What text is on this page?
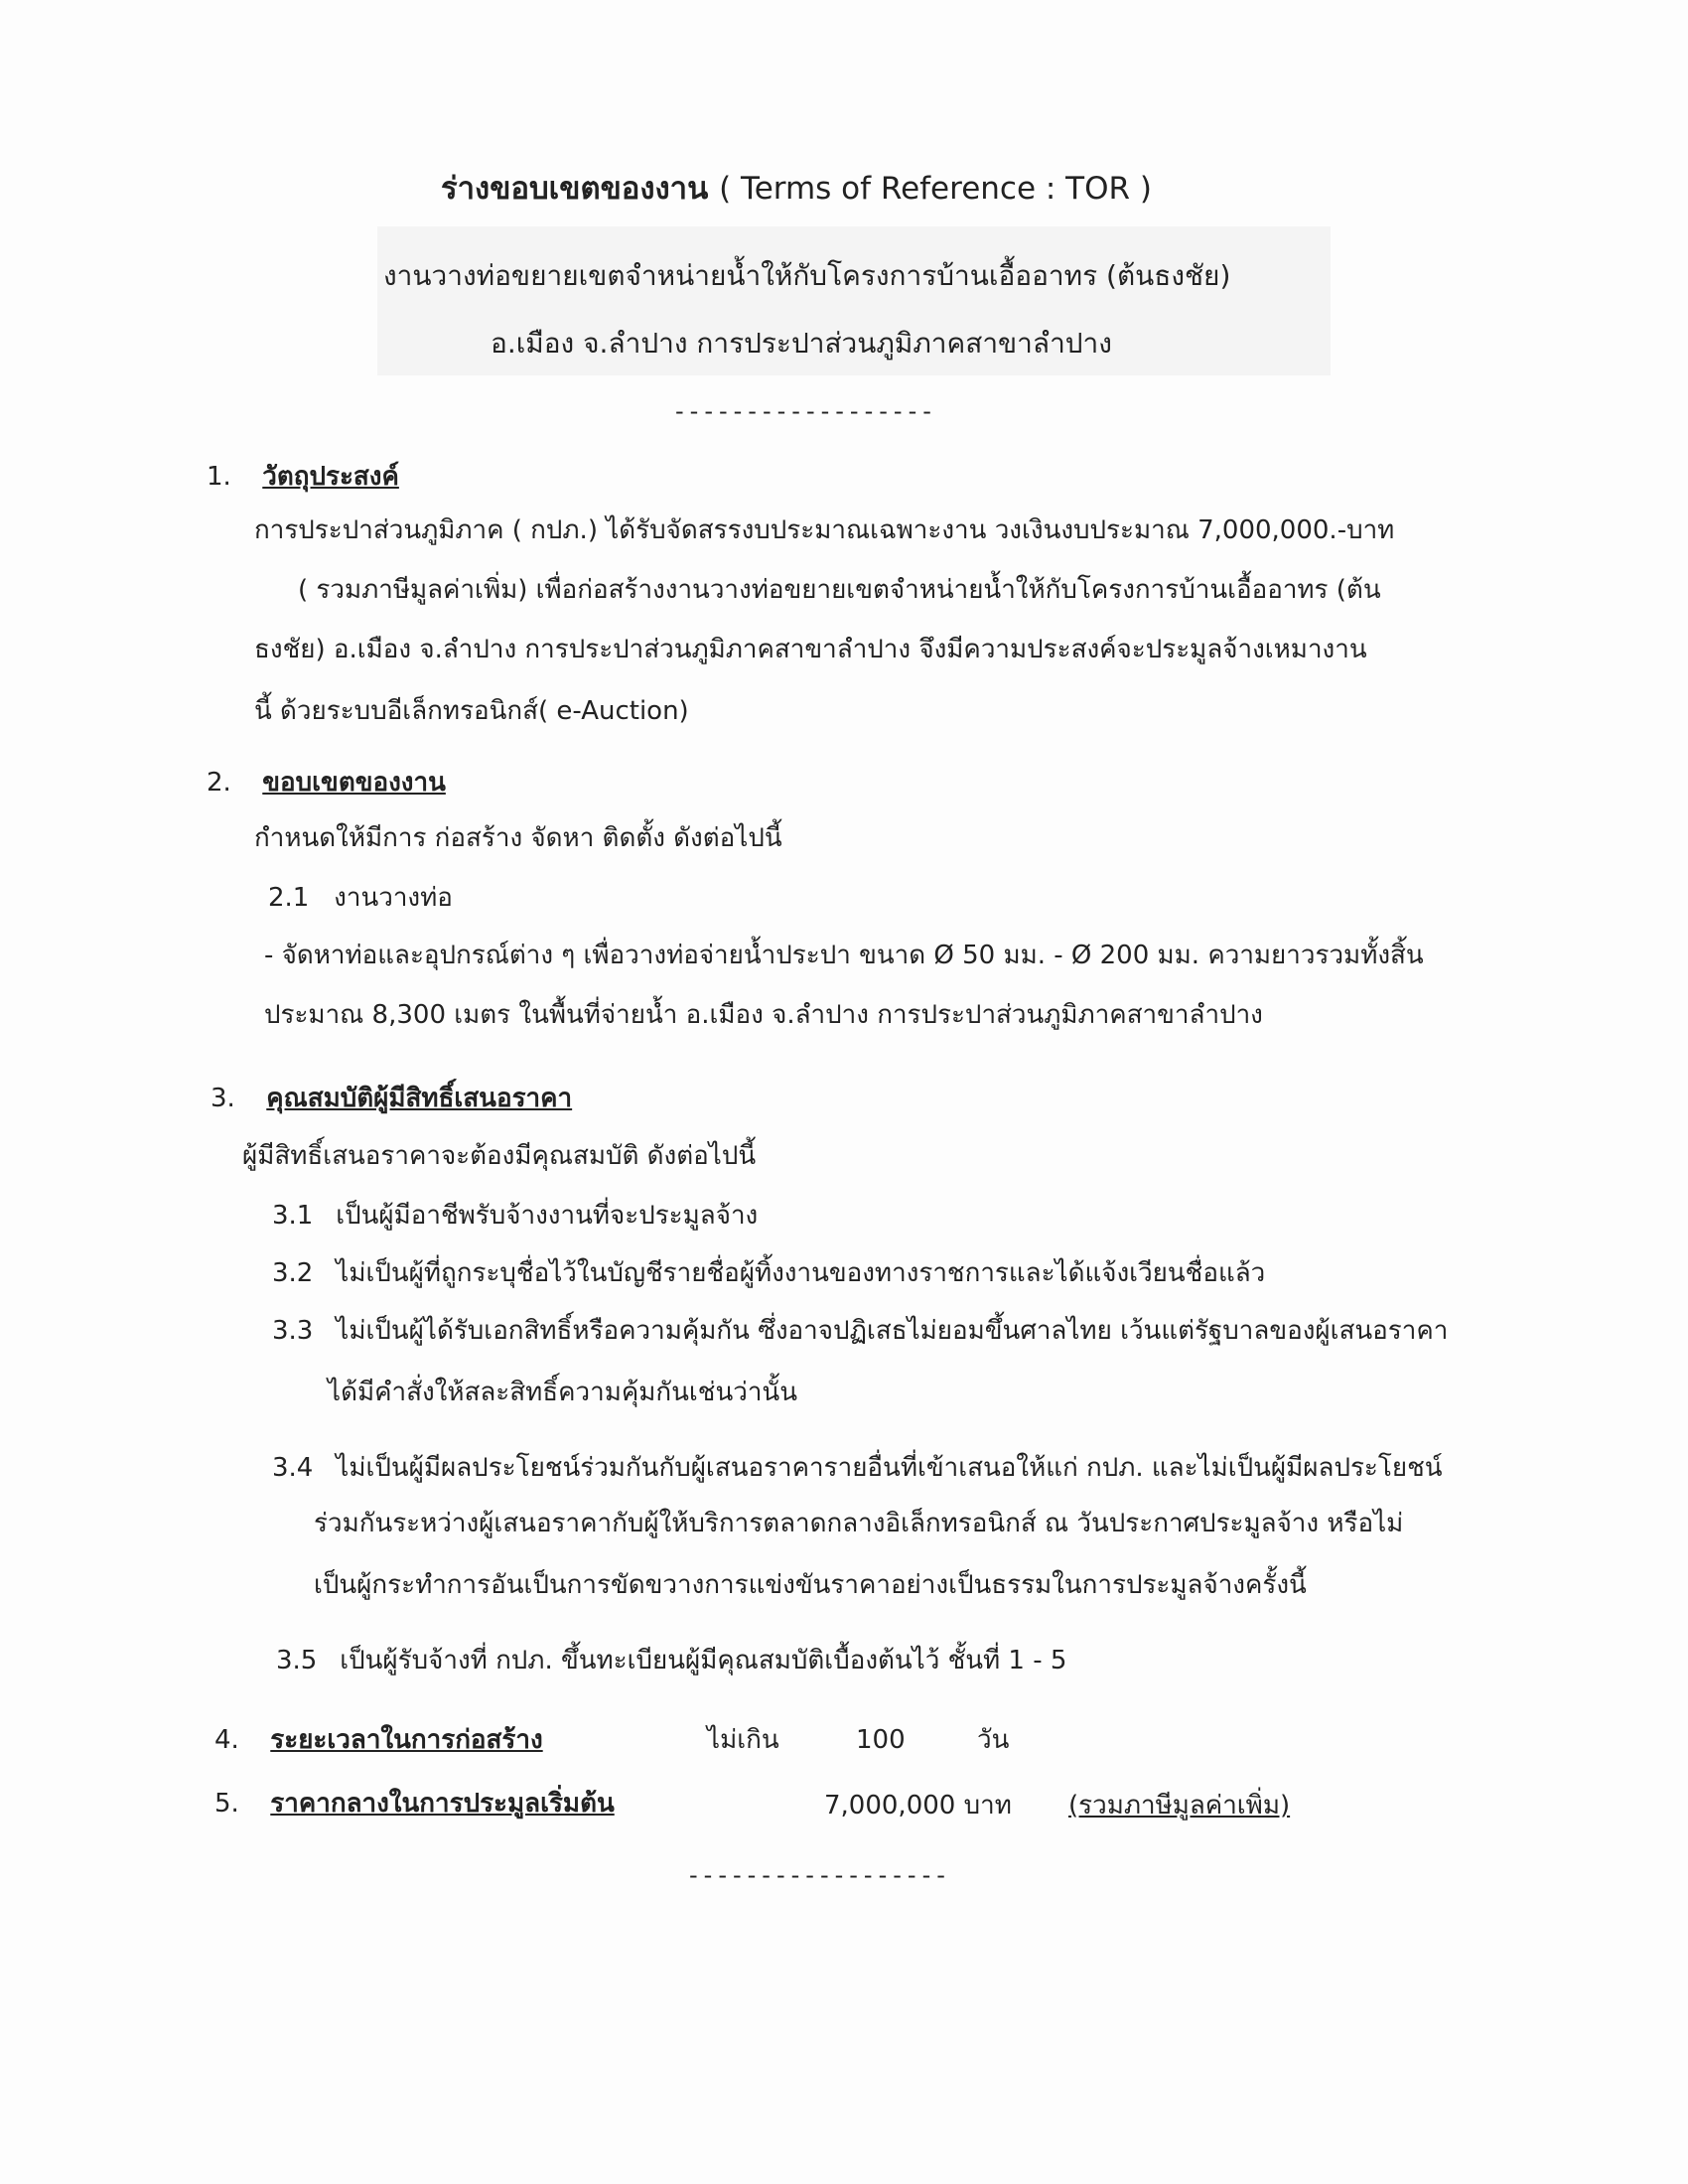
ร่างขอบเขตของงาน ( Terms of Reference : TOR )
งานวางท่อขยายเขตจำหน่ายน้ำให้กับโครงการบ้านเอื้ออาทร (ต้นธงชัย)
อ.เมือง จ.ลำปาง การประปาส่วนภูมิภาคสาขาลำปาง
------------------
1. วัตถุประสงค์
การประปาส่วนภูมิภาค ( กปภ.) ได้รับจัดสรรงบประมาณเฉพาะงาน วงเงินงบประมาณ 7,000,000.-บาท
( รวมภาษีมูลค่าเพิ่ม) เพื่อก่อสร้างงานวางท่อขยายเขตจำหน่ายน้ำให้กับโครงการบ้านเอื้ออาทร (ต้น
ธงชัย) อ.เมือง จ.ลำปาง การประปาส่วนภูมิภาคสาขาลำปาง จึงมีความประสงค์จะประมูลจ้างเหมางาน
นี้ ด้วยระบบอีเล็กทรอนิกส์( e-Auction)
2. ขอบเขตของงาน
กำหนดให้มีการ ก่อสร้าง จัดหา ติดตั้ง ดังต่อไปนี้
2.1 งานวางท่อ
- จัดหาท่อและอุปกรณ์ต่าง ๆ เพื่อวางท่อจ่ายน้ำประปา ขนาด Ø 50 มม. - Ø 200 มม. ความยาวรวมทั้งสิ้น
ประมาณ 8,300 เมตร ในพื้นที่จ่ายน้ำ อ.เมือง จ.ลำปาง การประปาส่วนภูมิภาคสาขาลำปาง
3. คุณสมบัติผู้มีสิทธิ์เสนอราคา
ผู้มีสิทธิ์เสนอราคาจะต้องมีคุณสมบัติ ดังต่อไปนี้
3.1 เป็นผู้มีอาชีพรับจ้างงานที่จะประมูลจ้าง
3.2 ไม่เป็นผู้ที่ถูกระบุชื่อไว้ในบัญชีรายชื่อผู้ทิ้งงานของทางราชการและได้แจ้งเวียนชื่อแล้ว
3.3 ไม่เป็นผู้ได้รับเอกสิทธิ์หรือความคุ้มกัน ซึ่งอาจปฏิเสธไม่ยอมขึ้นศาลไทย เว้นแต่รัฐบาลของผู้เสนอราคา
ได้มีคำสั่งให้สละสิทธิ์ความคุ้มกันเช่นว่านั้น
3.4 ไม่เป็นผู้มีผลประโยชน์ร่วมกันกับผู้เสนอราคารายอื่นที่เข้าเสนอให้แก่ กปภ. และไม่เป็นผู้มีผลประโยชน์
ร่วมกันระหว่างผู้เสนอราคากับผู้ให้บริการตลาดกลางอิเล็กทรอนิกส์ ณ วันประกาศประมูลจ้าง หรือไม่
เป็นผู้กระทำการอันเป็นการขัดขวางการแข่งขันราคาอย่างเป็นธรรมในการประมูลจ้างครั้งนี้
3.5 เป็นผู้รับจ้างที่ กปภ. ขึ้นทะเบียนผู้มีคุณสมบัติเบื้องต้นไว้ ชั้นที่ 1 - 5
4. ระยะเวลาในการก่อสร้าง	ไม่เกิน	100	วัน
5. ราคากลางในการประมูลเริ่มต้น	7,000,000 บาท (รวมภาษีมูลค่าเพิ่ม)
------------------
